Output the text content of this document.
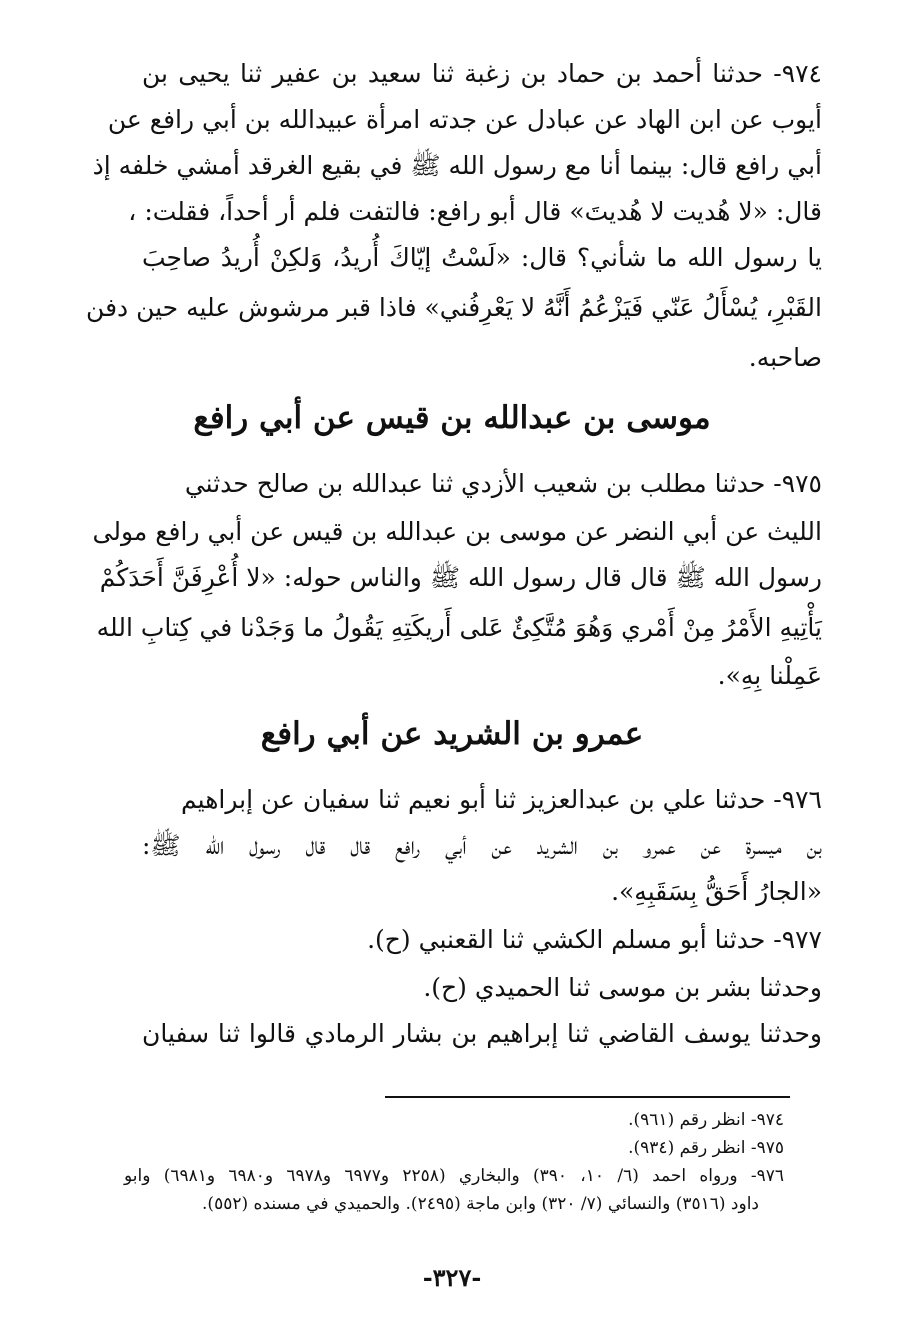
٩٧٤- حدثنا أحمد بن حماد بن زغبة ثنا سعيد بن عفير ثنا يحيى بن
أيوب عن ابن الهاد عن عبادل عن جدته امرأة عبيدالله بن أبي رافع عن
أبي رافع قال: بينما أنا مع رسول الله ﷺ في بقيع الغرقد أمشي خلفه إذ
قال: «لا هُديت لا هُديتَ» قال أبو رافع: فالتفت فلم أر أحداً، فقلت: ،
يا رسول الله ما شأني؟ قال: «لَسْتُ إيّاكَ أُريدُ، وَلكِنْ أُريدُ صاحِبَ
القَبْرِ، يُسْأَلُ عَنّي فَيَزْعُمُ أَنَّهُ لا يَعْرِفُني» فاذا قبر مرشوش عليه حين دفن
صاحبه.
موسى بن عبدالله بن قيس عن أبي رافع
٩٧٥- حدثنا مطلب بن شعيب الأزدي ثنا عبدالله بن صالح حدثني
الليث عن أبي النضر عن موسى بن عبدالله بن قيس عن أبي رافع مولى
رسول الله ﷺ قال قال رسول الله ﷺ والناس حوله: «لا أُعْرِفَنَّ أَحَدَكُمْ
يَأْتِيهِ الأَمْرُ مِنْ أَمْري وَهُوَ مُتَّكِئٌ عَلى أَريكَتِهِ يَقُولُ ما وَجَدْنا في كِتابِ الله
عَمِلْنا بِهِ».
عمرو بن الشريد عن أبي رافع
٩٧٦- حدثنا علي بن عبدالعزيز ثنا أبو نعيم ثنا سفيان عن إبراهيم
بن ميسرة عن عمرو بن الشريد عن أبي رافع قال قال رسول الله ﷺ:
«الجارُ أَحَقُّ بِسَقَبِهِ».
٩٧٧- حدثنا أبو مسلم الكشي ثنا القعنبي (ح).
وحدثنا بشر بن موسى ثنا الحميدي (ح).
وحدثنا يوسف القاضي ثنا إبراهيم بن بشار الرمادي قالوا ثنا سفيان
٩٧٤- انظر رقم (٩٦١).
٩٧٥- انظر رقم (٩٣٤).
٩٧٦- ورواه احمد (٦/ ١٠، ٣٩٠) والبخاري (٢٢٥٨ و٦٩٧٧ و٦٩٧٨ و٦٩٨٠ و٦٩٨١) وابو
داود (٣٥١٦) والنسائي (٧/ ٣٢٠) وابن ماجة (٢٤٩٥). والحميدي في مسنده (٥٥٢).
-٣٢٧-
